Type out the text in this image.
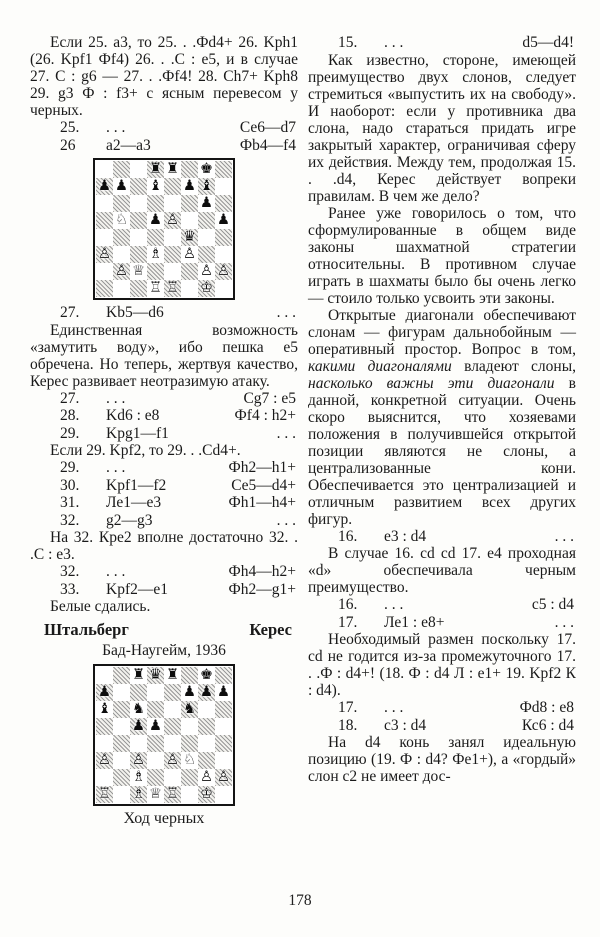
Если 25. а3, то 25. . .Фd4+ 26. Kph1 (26. Kpf1 Фf4) 26. . .С : е5, и в случае 27. С : g6 — 27. . .Фf4! 28. Ch7+ Kph8 29. g3 Ф : f3+ с ясным перевесом у черных.

25.	. . .	Се6—d7
26	а2—а3	Фb4—f4
♜ ♜ ♚
♟ ♟ ♝ ♟ ♝
♟
♘ ♟ ♙	♟
♛
♙	♗ ♙
♙ ♕	♙ ♙
♖ ♖ ♔
27.	Kb5—d6	. . .

Единственная возможность «замутить воду», ибо пешка е5 обречена. Но теперь, жертвуя качество, Керес развивает неотразимую атаку.

27.	. . .	Cg7 : e5
28.	Kd6 : e8	Фf4 : h2+
29.	Kpg1—f1	. . .

Если 29. Kpf2, то 29. . .Cd4+.

29.	. . .	Фh2—h1+
30.	Kpf1—f2	Ce5—d4+
31.	Ле1—е3	Фh1—h4+
32.	g2—g3	. . .

На 32. Кре2 вполне достаточно 32. . .С : е3.

32.	. . .	Фh4—h2+
33.	Kpf2—e1	Фh2—g1+

Белые сдались.

Штальберг	Керес
Бад-Наугейм, 1936
♜ ♛ ♜ ♚
♟	♟ ♟ ♟
♝ ♞	♞
♟ ♟
♙ ♙ ♙ ♘
♗	♙ ♙
♖ ♗ ♕ ♖ ♔
Ход черных
15.	. . .	d5—d4!

Как известно, стороне, имеющей преимущество двух слонов, следует стремиться «выпустить их на свободу». И наоборот: если у противника два слона, надо стараться придать игре закрытый характер, ограничивая сферу их действия. Между тем, продолжая 15. . .d4, Керес действует вопреки правилам. В чем же дело?

Ранее уже говорилось о том, что сформулированные в общем виде законы шахматной стратегии относительны. В противном случае играть в шахматы было бы очень легко — стоило только усвоить эти законы.

Открытые диагонали обеспечивают слонам — фигурам дальнобойным — оперативный простор. Вопрос в том, какими диагоналями владеют слоны, насколько важны эти диагонали в данной, конкретной ситуации. Очень скоро выяснится, что хозяевами положения в получившейся открытой позиции являются не слоны, а централизованные кони. Обеспечивается это централизацией и отличным развитием всех других фигур.

16.	e3 : d4	. . .

В случае 16. cd cd 17. е4 проходная «d» обеспечивала черным преимущество.

16.	. . .	c5 : d4
17.	Ле1 : e8+	. . .

Необходимый размен поскольку 17. cd не годится из-за промежуточного 17. . .Ф : d4+! (18. Ф : d4 Л : е1+ 19. Kpf2 К : d4).

17.	. . .	Фd8 : e8
18.	c3 : d4	Кс6 : d4

На d4 конь занял идеальную позицию (19. Ф : d4? Фе1+), а «гордый» слон с2 не имеет дос-

178
